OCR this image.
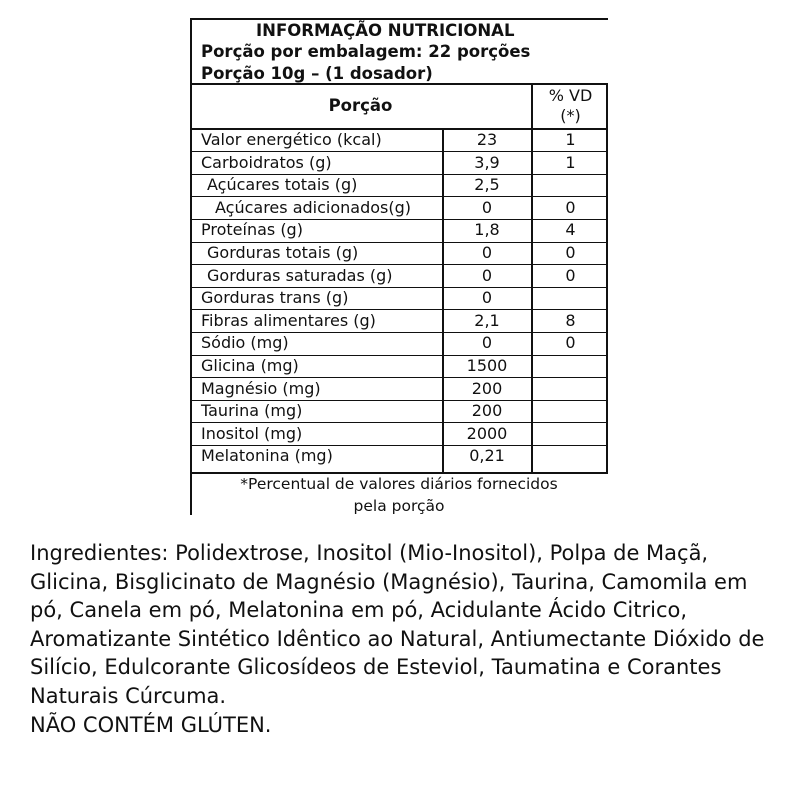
INFORMAÇÃO NUTRICIONAL
Porção por embalagem: 22 porções
Porção 10g – (1 dosador)
Porção
% VD
(*)
Valor energético (kcal)	23	1
Carboidratos (g)	3,9	1
Açúcares totais (g)	2,5
Açúcares adicionados(g)	0	0
Proteínas (g)	1,8	4
Gorduras totais (g)	0	0
Gorduras saturadas (g)	0	0
Gorduras trans (g)	0
Fibras alimentares (g)	2,1	8
Sódio (mg)	0	0
Glicina (mg)	1500
Magnésio (mg)	200
Taurina (mg)	200
Inositol (mg)	2000
Melatonina (mg)	0,21
*Percentual de valores diários fornecidos
pela porção

Ingredientes: Polidextrose, Inositol (Mio-Inositol), Polpa de Maçã, Glicina, Bisglicinato de Magnésio (Magnésio), Taurina, Camomila em pó, Canela em pó, Melatonina em pó, Acidulante Ácido Citrico, Aromatizante Sintético Idêntico ao Natural, Antiumectante Dióxido de Silício, Edulcorante Glicosídeos de Esteviol, Taumatina e Corantes Naturais Cúrcuma.

NÃO CONTÉM GLÚTEN.
